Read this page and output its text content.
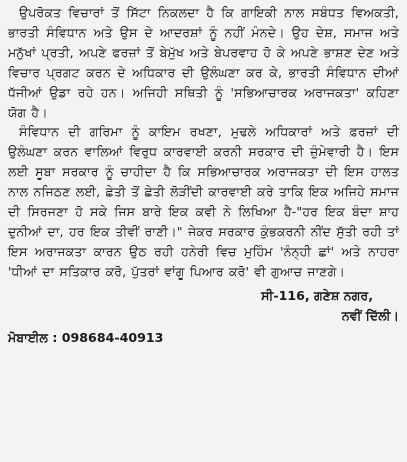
ਉਪਰੋਕਤ ਵਿਚਾਰਾਂ ਤੋਂ ਸਿੱਟਾ ਨਿਕਲਦਾ ਹੈ ਕਿ ਗਾਇਕੀ ਨਾਲ ਸਬੰਧਤ ਵਿਅਕਤੀ, ਭਾਰਤੀ ਸੰਵਿਧਾਨ ਅਤੇ ਉਸ ਦੇ ਆਦਰਸ਼ਾਂ ਨੂੰ ਨਹੀਂ ਮੰਨਦੇ। ਉਹ ਦੇਸ਼, ਸਮਾਜ ਅਤੇ ਮਨੁੱਖਾਂ ਪ੍ਰਤੀ, ਅਪਣੇ ਫਰਜ਼ਾਂ ਤੋਂ ਬੇਮੁੱਖ ਅਤੇ ਬੇਪਰਵਾਹ ਹੋ ਕੇ ਅਪਣੇ ਭਾਸ਼ਣ ਦੇਣ ਅਤੇ ਵਿਚਾਰ ਪ੍ਰਗਟ ਕਰਨ ਦੇ ਅਧਿਕਾਰ ਦੀ ਉਲੰਘਣਾ ਕਰ ਕੇ, ਭਾਰਤੀ ਸੰਵਿਧਾਨ ਦੀਆਂ ਧੱਜੀਆਂ ਉਡਾ ਰਹੇ ਹਨ। ਅਜਿਹੀ ਸਥਿਤੀ ਨੂੰ 'ਸਭਿਆਚਾਰਕ ਅਰਾਜਕਤਾ' ਕਹਿਣਾ ਯੋਗ ਹੈ।

ਸੰਵਿਧਾਨ ਦੀ ਗਰਿਮਾ ਨੂੰ ਕਾਇਮ ਰਖਣਾ, ਮੁਢਲੇ ਅਧਿਕਾਰਾਂ ਅਤੇ ਫ਼ਰਜ਼ਾਂ ਦੀ ਉਲੰਘਣਾ ਕਰਨ ਵਾਲਿਆਂ ਵਿਰੁਧ ਕਾਰਵਾਈ ਕਰਨੀ ਸਰਕਾਰ ਦੀ ਜ਼ੁੰਮੇਵਾਰੀ ਹੈ। ਇਸ ਲਈ ਸੂਬਾ ਸਰਕਾਰ ਨੂੰ ਚਾਹੀਦਾ ਹੈ ਕਿ ਸਭਿਆਚਾਰਕ ਅਰਾਜਕਤਾ ਦੀ ਇਸ ਹਾਲਤ ਨਾਲ ਨਜਿਠਣ ਲਈ, ਛੇਤੀ ਤੋਂ ਛੇਤੀ ਲੋੜੀਂਦੀ ਕਾਰਵਾਈ ਕਰੇ ਤਾਕਿ ਇਕ ਅਜਿਹੇ ਸਮਾਜ ਦੀ ਸਿਰਜਣਾ ਹੋ ਸਕੇ ਜਿਸ ਬਾਰੇ ਇਕ ਕਵੀ ਨੇ ਲਿਖਿਆ ਹੈ-"ਹਰ ਇਕ ਬੰਦਾ ਸ਼ਾਹ ਦੁਨੀਆਂ ਦਾ, ਹਰ ਇਕ ਤੀਵੀਂ ਰਾਣੀ।" ਜੇਕਰ ਸਰਕਾਰ ਕੁੰਭਕਰਨੀ ਨੀਂਦ ਸੁੱਤੀ ਰਹੀ ਤਾਂ ਇਸ ਅਰਾਜਕਤਾ ਕਾਰਨ ਉਠ ਰਹੀ ਹਨੇਰੀ ਵਿਚ ਮੁਹਿੰਮ 'ਨੰਨ੍ਹੀ ਛਾਂ' ਅਤੇ ਨਾਹਰਾ 'ਧੀਆਂ ਦਾ ਸਤਿਕਾਰ ਕਰੋ, ਪੁੱਤਰਾਂ ਵਾਂਗੂ ਪਿਆਰ ਕਰੋ' ਵੀ ਗੁਆਚ ਜਾਣਗੇ।

ਸੀ-116, ਗਣੇਸ਼ ਨਗਰ,

ਨਵੀਂ ਦਿੱਲੀ।

ਮੋਬਾਈਲ : 098684-40913
